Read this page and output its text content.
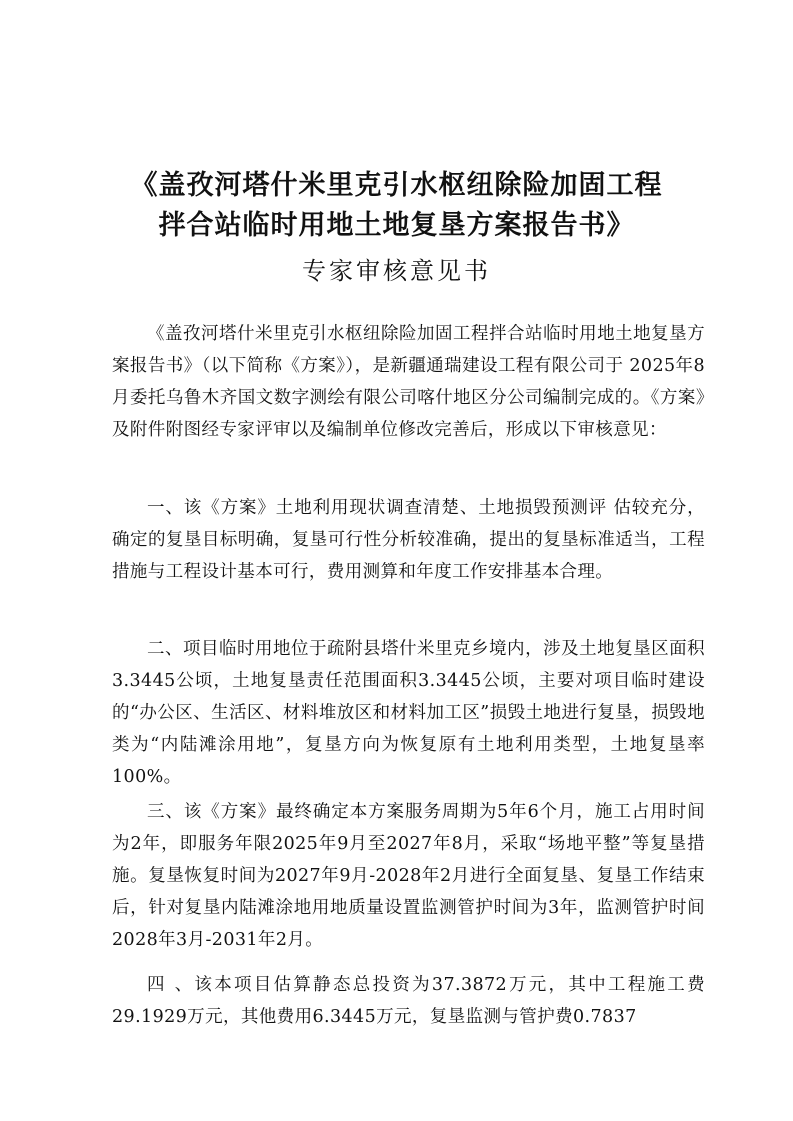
《盖孜河塔什米里克引水枢纽除险加固工程
拌合站临时用地土地复垦方案报告书》
专家审核意见书

《盖孜河塔什米里克引水枢纽除险加固工程拌合站临时用地土地复垦方案报告书》（以下简称《方案》），是新疆通瑞建设工程有限公司于 2025年8月委托乌鲁木齐国文数字测绘有限公司喀什地区分公司编制完成的。《方案》及附件附图经专家评审以及编制单位修改完善后，形成以下审核意见：

一、该《方案》土地利用现状调查清楚、土地损毁预测评 估较充分，确定的复垦目标明确，复垦可行性分析较准确，提出的复垦标准适当，工程措施与工程设计基本可行，费用测算和年度工作安排基本合理。

二、项目临时用地位于疏附县塔什米里克乡境内，涉及土地复垦区面积 3.3445公顷，土地复垦责任范围面积3.3445公顷，主要对项目临时建设的“办公区、生活区、材料堆放区和材料加工区”损毁土地进行复垦，损毁地类为“内陆滩涂用地”，复垦方向为恢复原有土地利用类型，土地复垦率100%。

三、该《方案》最终确定本方案服务周期为5年6个月，施工占用时间为2年，即服务年限2025年9月至2027年8月，采取“场地平整”等复垦措施。复垦恢复时间为2027年9月-2028年2月进行全面复垦、复垦工作结束后，针对复垦内陆滩涂地用地质量设置监测管护时间为3年，监测管护时间2028年3月-2031年2月。

四 、该本项目估算静态总投资为37.3872万元，其中工程施工费29.1929万元，其他费用6.3445万元，复垦监测与管护费0.7837
